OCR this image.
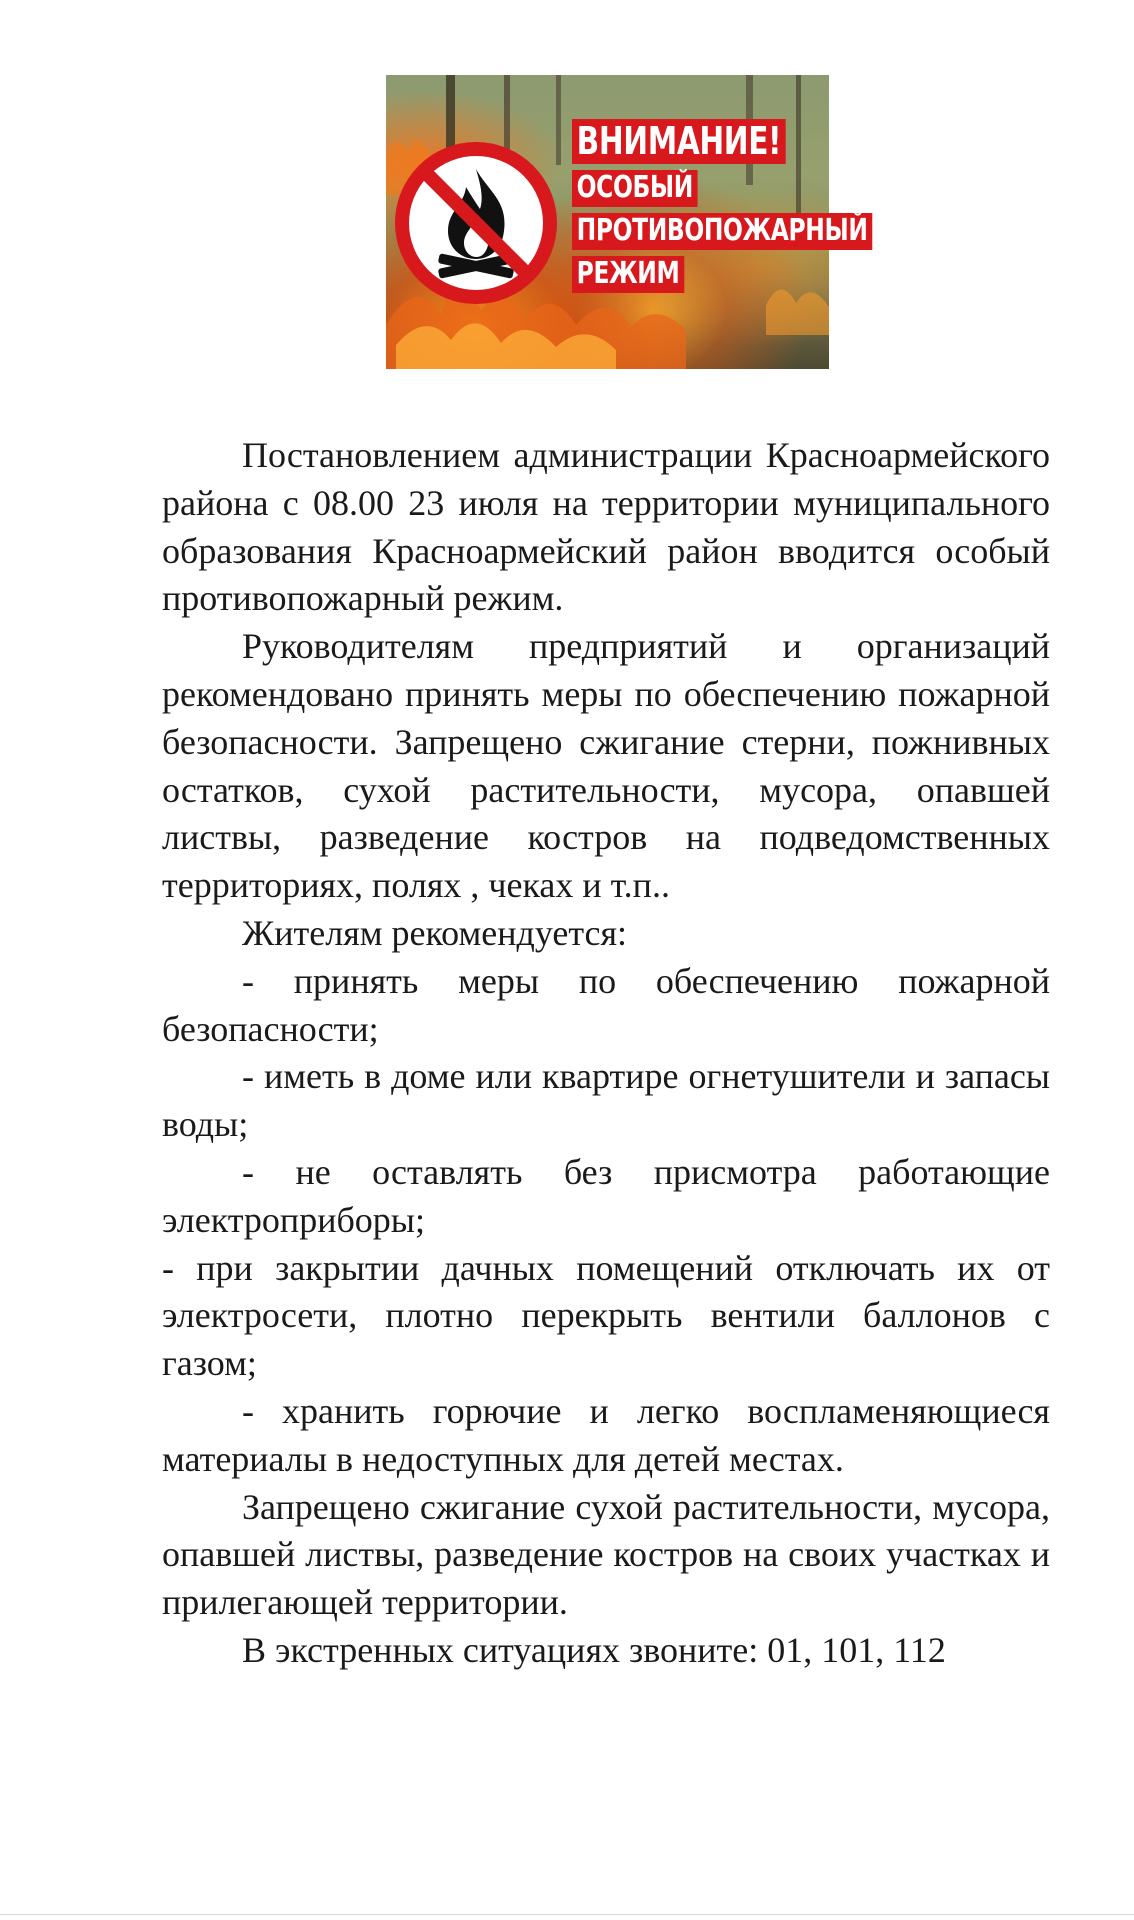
ВНИМАНИЕ!
ОСОБЫЙ
ПРОТИВОПОЖАРНЫЙ
РЕЖИМ

Постановлением администрации Красноармейского района с 08.00 23 июля на территории муниципального образования Красноармейский район вводится особый противопожарный режим.

Руководителям предприятий и организаций рекомендовано принять меры по обеспечению пожарной безопасности. Запрещено сжигание стерни, пожнивных остатков, сухой растительности, мусора, опавшей листвы, разведение костров на подведомственных территориях, полях , чеках и т.п..

Жителям рекомендуется:

- принять меры по обеспечению пожарной безопасности;

- иметь в доме или квартире огнетушители и запасы воды;

- не оставлять без присмотра работающие электроприборы;

- при закрытии дачных помещений отключать их от электросети, плотно перекрыть вентили баллонов с газом;

- хранить горючие и легко воспламеняющиеся материалы в недоступных для детей местах.

Запрещено сжигание сухой растительности, мусора, опавшей листвы, разведение костров на своих участках и прилегающей территории.

В экстренных ситуациях звоните: 01, 101, 112
